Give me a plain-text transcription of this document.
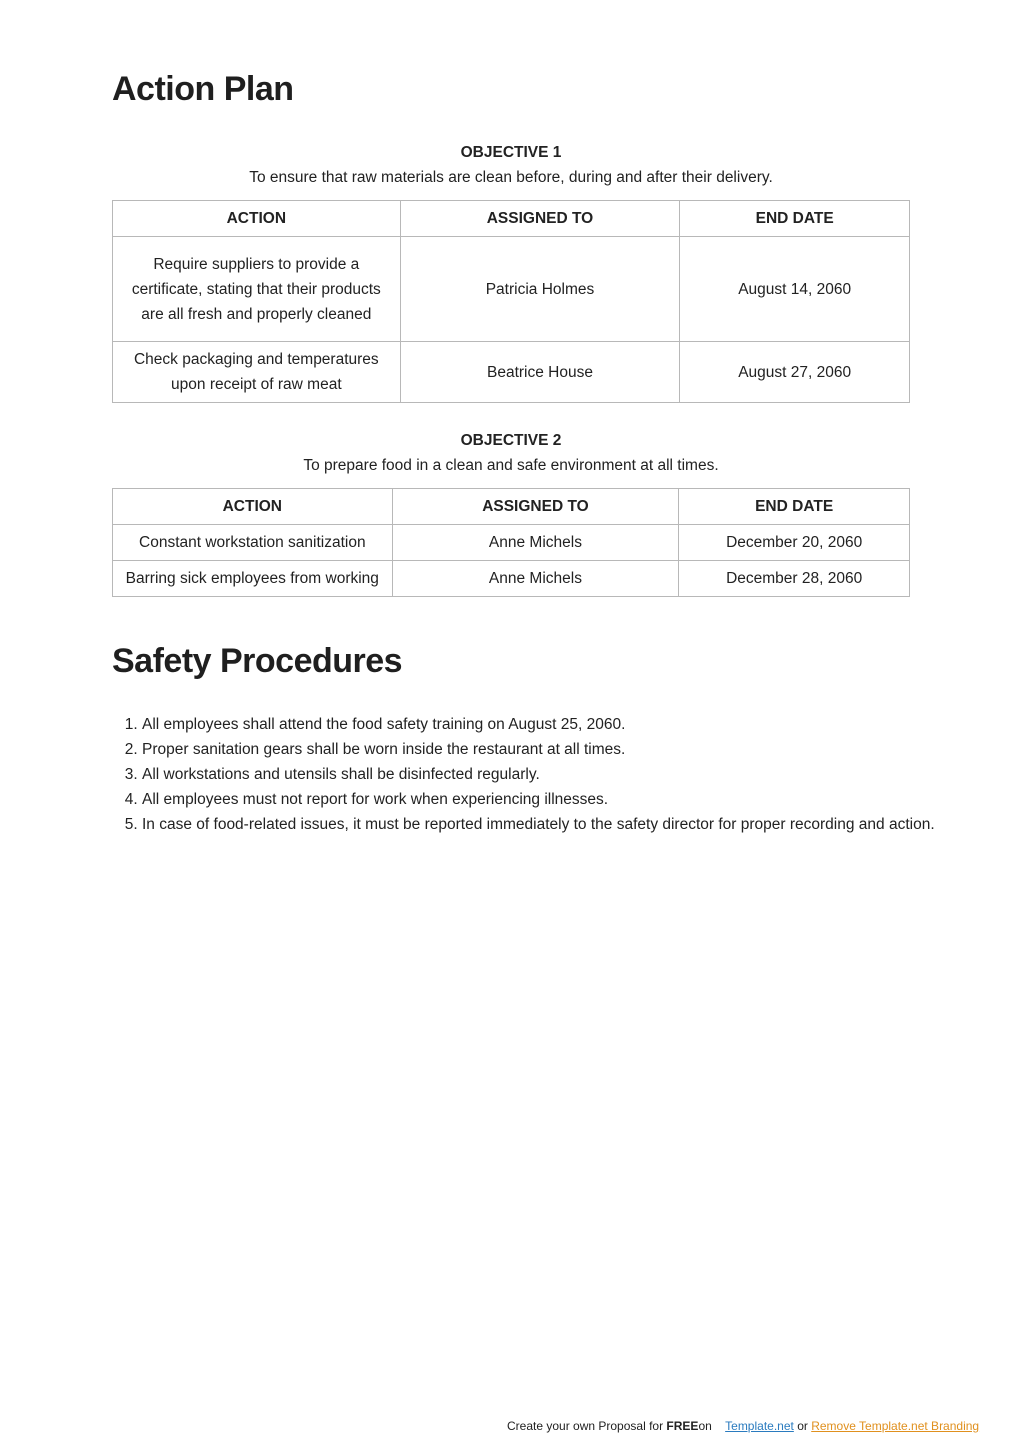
Action Plan
OBJECTIVE 1
To ensure that raw materials are clean before, during and after their delivery.
ACTION	ASSIGNED TO	END DATE
Require suppliers to provide a certificate, stating that their products are all fresh and properly cleaned	Patricia Holmes	August 14, 2060
Check packaging and temperatures upon receipt of raw meat	Beatrice House	August 27, 2060
OBJECTIVE 2
To prepare food in a clean and safe environment at all times.
ACTION	ASSIGNED TO	END DATE
Constant workstation sanitization	Anne Michels	December 20, 2060
Barring sick employees from working	Anne Michels	December 28, 2060
Safety Procedures
1. All employees shall attend the food safety training on August 25, 2060.
2. Proper sanitation gears shall be worn inside the restaurant at all times.
3. All workstations and utensils shall be disinfected regularly.
4. All employees must not report for work when experiencing illnesses.
5. In case of food-related issues, it must be reported immediately to the safety director for proper recording and action.
Create your own Proposal for FREEon Template.net or Remove Template.net Branding
